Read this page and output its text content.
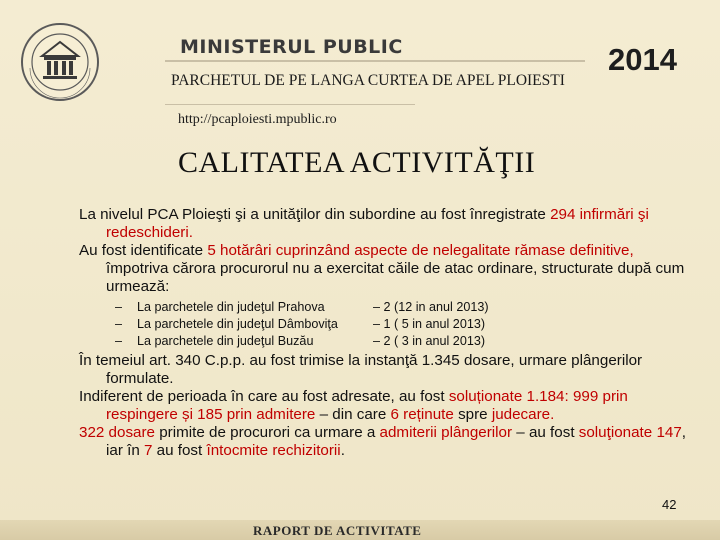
MINISTERUL PUBLIC
PARCHETUL DE PE LANGA CURTEA DE APEL PLOIESTI
2014
http://pcaploiesti.mpublic.ro
CALITATEA ACTIVITĂŢII
La nivelul PCA Ploieşti şi a unităţilor din subordine au fost înregistrate 294 infirmări şi redeschideri.
Au fost identificate 5 hotărâri cuprinzând aspecte de nelegalitate rămase definitive, împotriva cărora procurorul nu a exercitat căile de atac ordinare, structurate după cum urmează:
–	La parchetele din judeţul Prahova	– 2 (12 in anul 2013)
–	La parchetele din judeţul Dâmboviţa	– 1 ( 5 in anul 2013)
–	La parchetele din judeţul Buzău	– 2 ( 3 in anul 2013)
În temeiul art. 340 C.p.p. au fost trimise la instanţă 1.345 dosare, urmare plângerilor formulate.
Indiferent de perioada în care au fost adresate, au fost soluționate 1.184: 999 prin respingere și 185 prin admitere – din care 6 reținute spre judecare.
322 dosare primite de procurori ca urmare a admiterii plângerilor – au fost soluţionate 147, iar în 7 au fost întocmite rechizitorii.
42
RAPORT DE ACTIVITATE
